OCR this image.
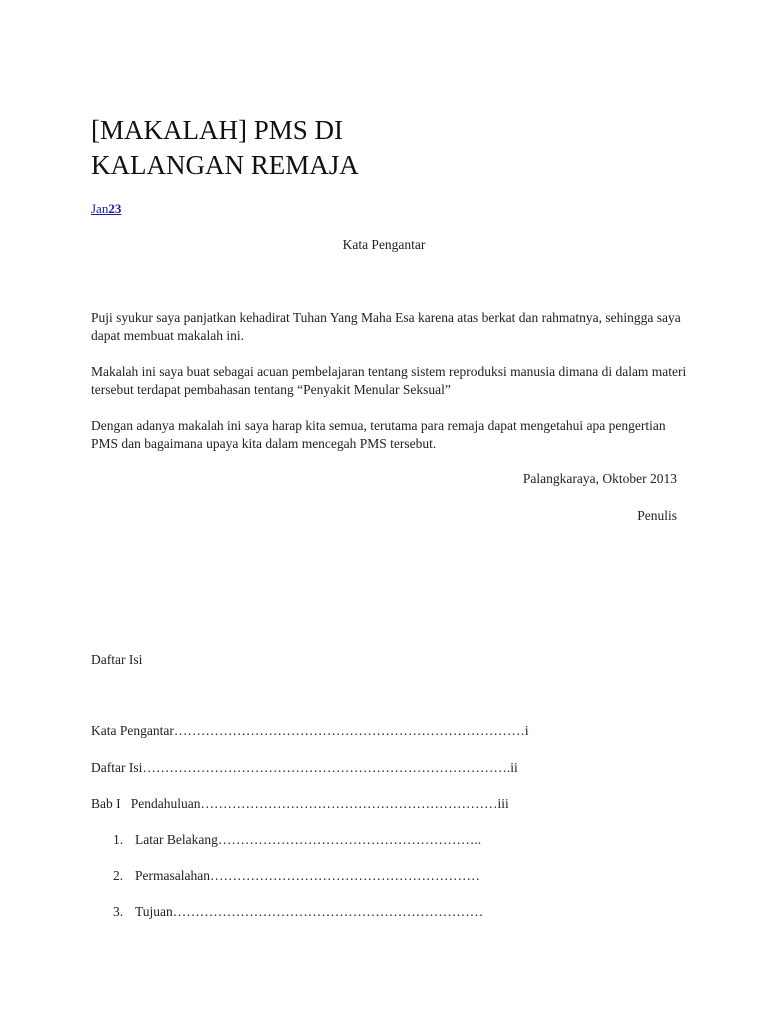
[MAKALAH] PMS DI
KALANGAN REMAJA
Jan23
Kata Pengantar

Puji syukur saya panjatkan kehadirat Tuhan Yang Maha Esa karena atas berkat dan rahmatnya, sehingga saya dapat membuat makalah ini.

Makalah ini saya buat sebagai acuan pembelajaran tentang sistem reproduksi manusia dimana di dalam materi tersebut terdapat pembahasan tentang “Penyakit Menular Seksual”

Dengan adanya makalah ini saya harap kita semua, terutama para remaja dapat mengetahui apa pengertian PMS dan bagaimana upaya kita dalam mencegah PMS tersebut.

Palangkaraya, Oktober 2013
Penulis
Daftar Isi
Kata Pengantar……………………………………………………………………i
Daftar Isi……………………………………………………………………….ii
Bab I   Pendahuluan…………………………………………………………iii
1. Latar Belakang…………………………………………………..
2. Permasalahan……………………………………………………
3. Tujuan……………………………………………………………
